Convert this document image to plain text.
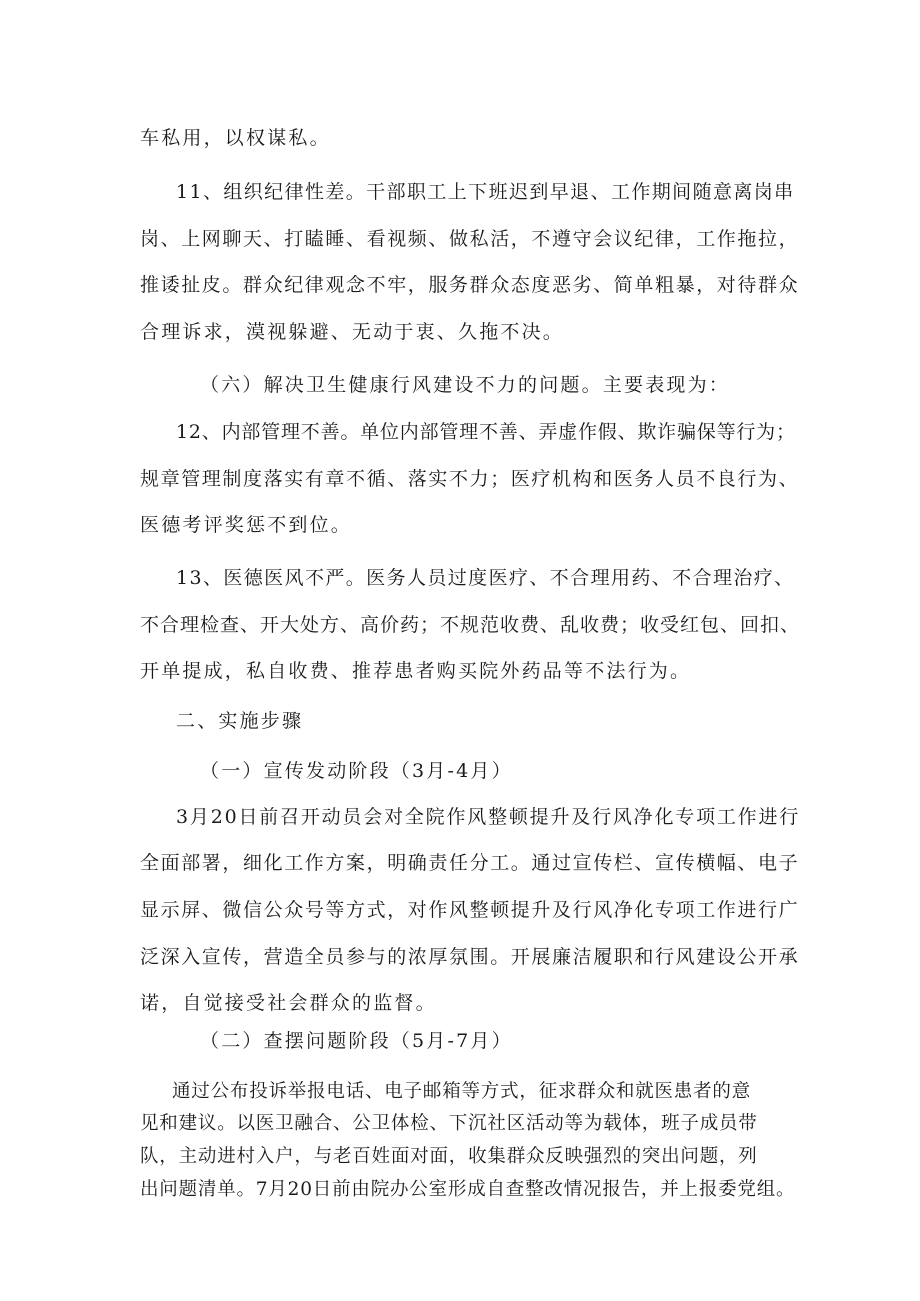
车私用，以权谋私。
11、组织纪律性差。干部职工上下班迟到早退、工作期间随意离岗串
岗、上网聊天、打瞌睡、看视频、做私活，不遵守会议纪律，工作拖拉，
推诿扯皮。群众纪律观念不牢，服务群众态度恶劣、简单粗暴，对待群众
合理诉求，漠视躲避、无动于衷、久拖不决。
（六）解决卫生健康行风建设不力的问题。主要表现为：
12、内部管理不善。单位内部管理不善、弄虚作假、欺诈骗保等行为；
规章管理制度落实有章不循、落实不力；医疗机构和医务人员不良行为、
医德考评奖惩不到位。
13、医德医风不严。医务人员过度医疗、不合理用药、不合理治疗、
不合理检查、开大处方、高价药；不规范收费、乱收费；收受红包、回扣、
开单提成，私自收费、推荐患者购买院外药品等不法行为。
二、实施步骤
（一）宣传发动阶段（3月-4月）
3月20日前召开动员会对全院作风整顿提升及行风净化专项工作进行
全面部署，细化工作方案，明确责任分工。通过宣传栏、宣传横幅、电子
显示屏、微信公众号等方式，对作风整顿提升及行风净化专项工作进行广
泛深入宣传，营造全员参与的浓厚氛围。开展廉洁履职和行风建设公开承
诺，自觉接受社会群众的监督。
（二）查摆问题阶段（5月-7月）
通过公布投诉举报电话、电子邮箱等方式，征求群众和就医患者的意
见和建议。以医卫融合、公卫体检、下沉社区活动等为载体，班子成员带
队，主动进村入户，与老百姓面对面，收集群众反映强烈的突出问题，列
出问题清单。7月20日前由院办公室形成自查整改情况报告，并上报委党组。
